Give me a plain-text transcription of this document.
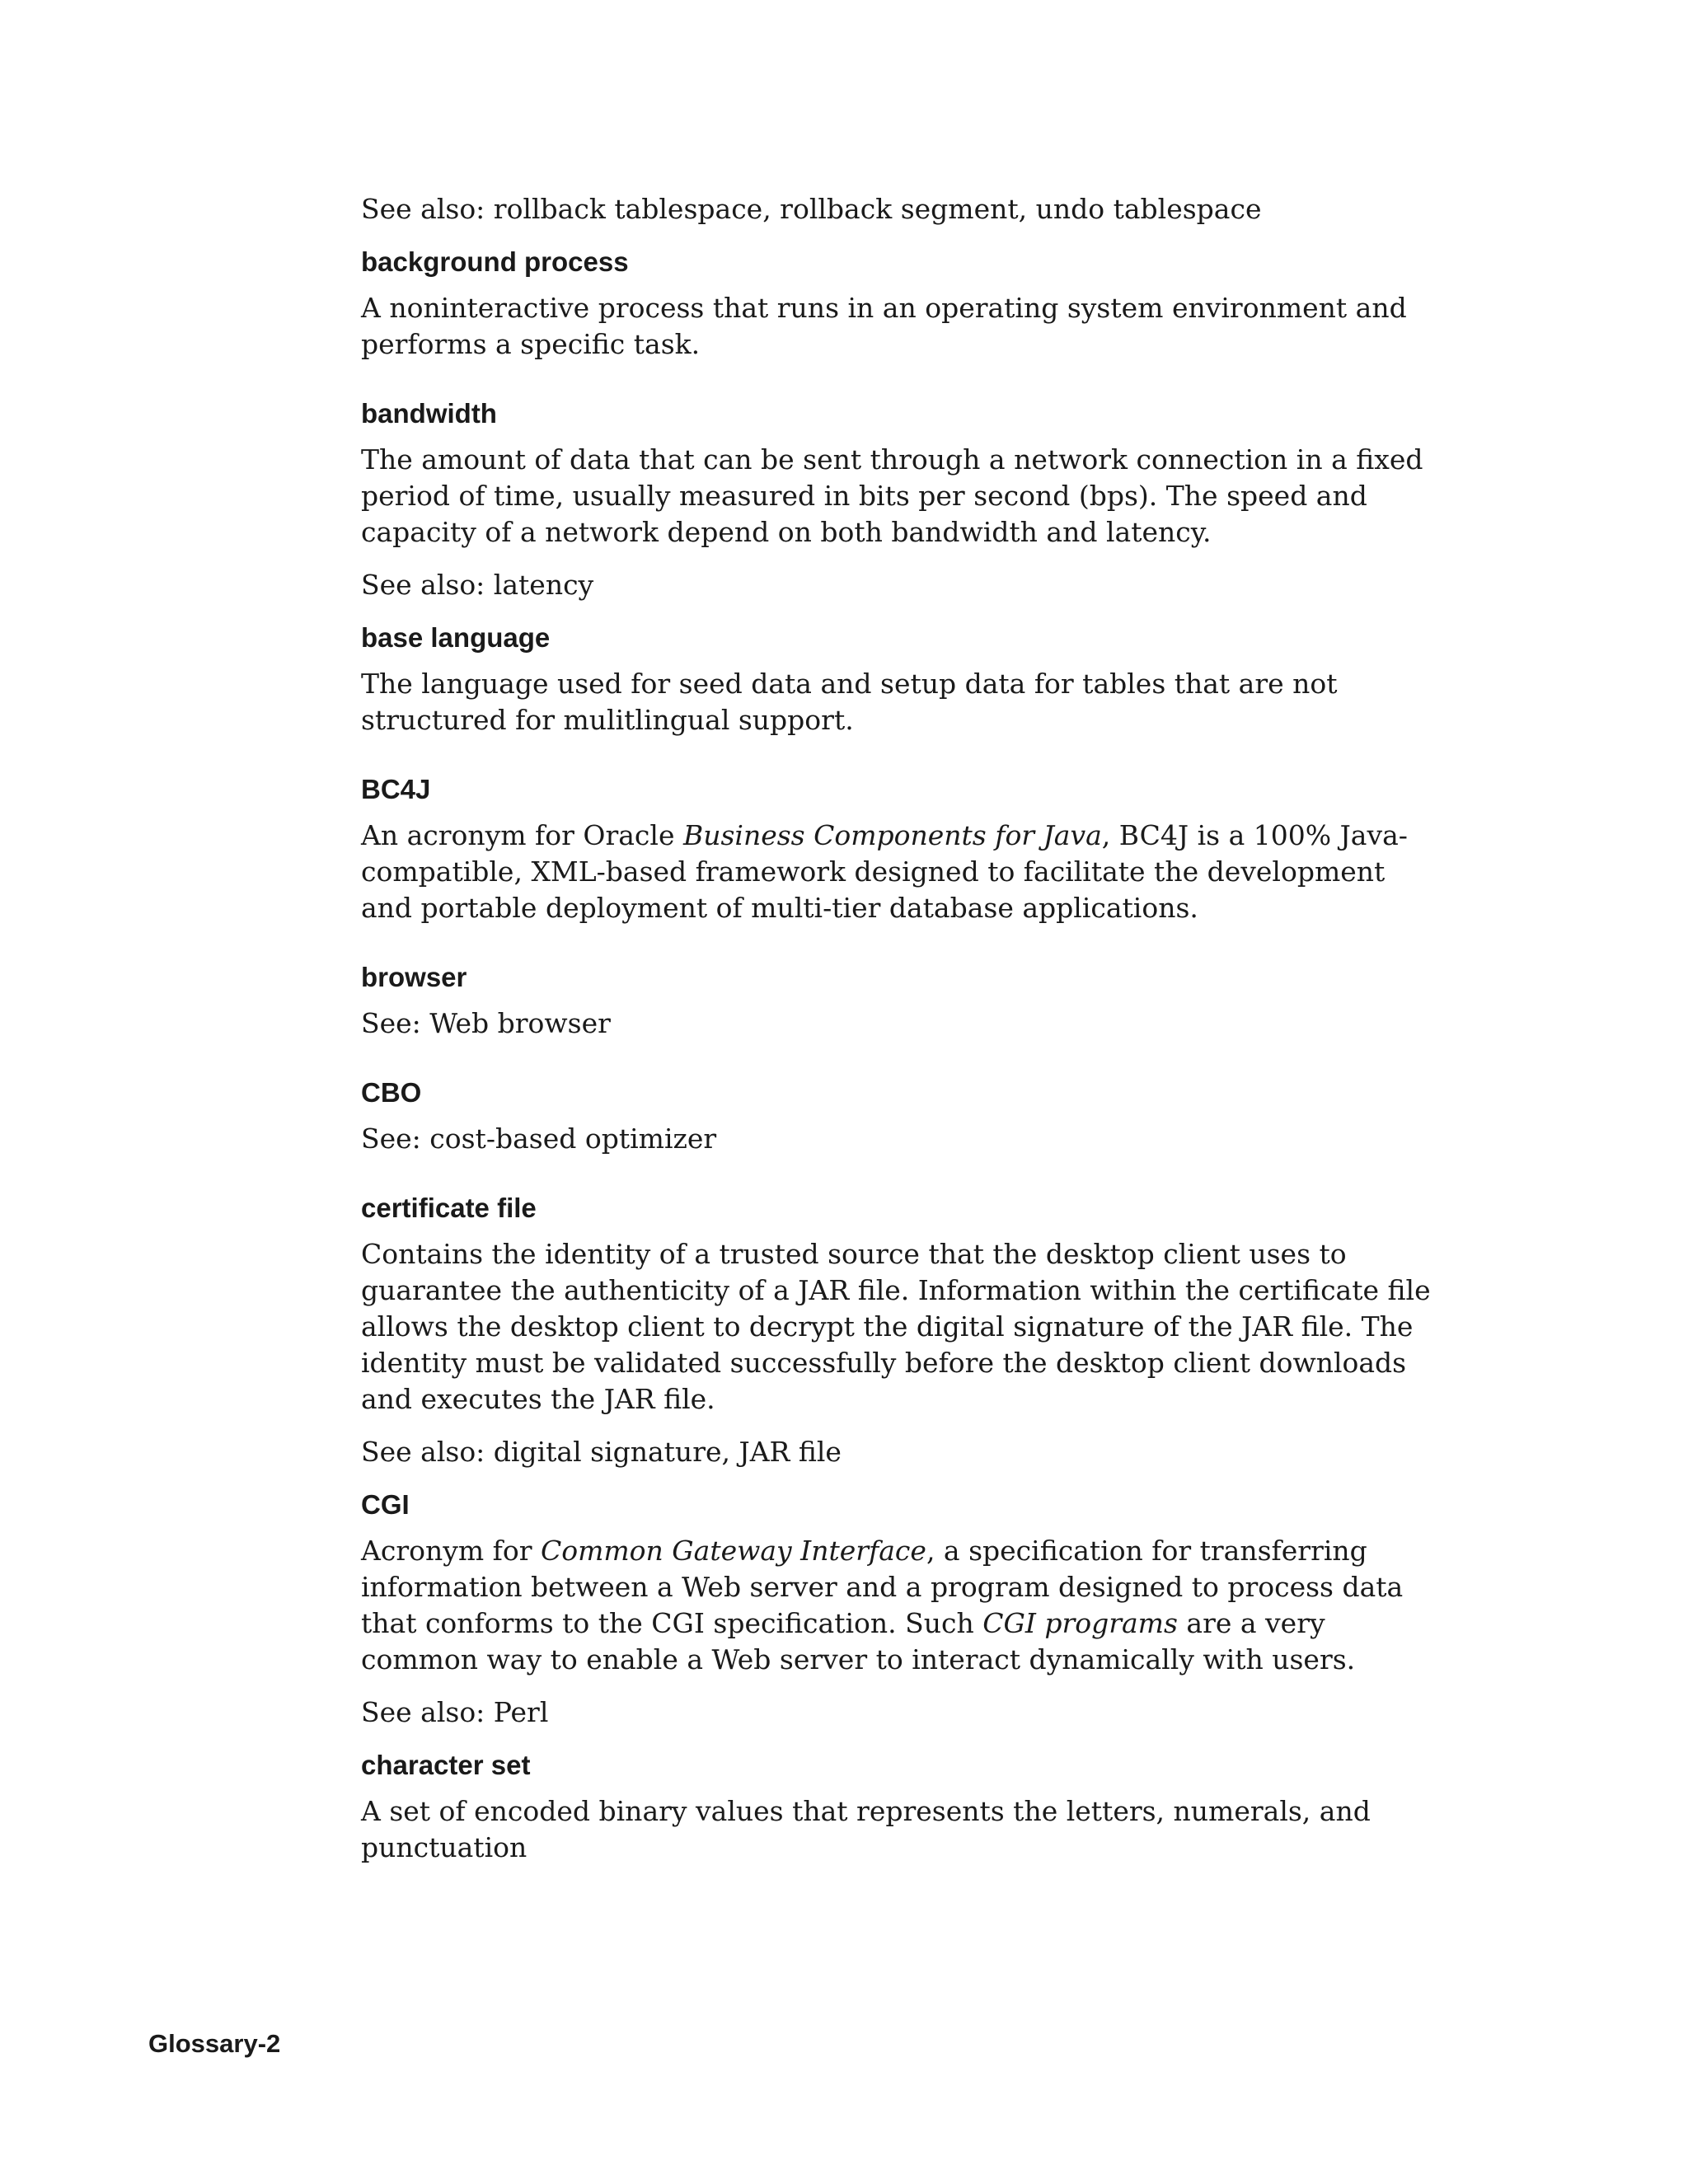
See also: rollback tablespace, rollback segment, undo tablespace

background process

A noninteractive process that runs in an operating system environment and performs a specific task.

bandwidth

The amount of data that can be sent through a network connection in a fixed period of time, usually measured in bits per second (bps). The speed and capacity of a network depend on both bandwidth and latency.

See also: latency

base language

The language used for seed data and setup data for tables that are not structured for mulitlingual support.

BC4J

An acronym for Oracle Business Components for Java, BC4J is a 100% Java-compatible, XML-based framework designed to facilitate the development and portable deployment of multi-tier database applications.

browser

See: Web browser

CBO

See: cost-based optimizer

certificate file

Contains the identity of a trusted source that the desktop client uses to guarantee the authenticity of a JAR file. Information within the certificate file allows the desktop client to decrypt the digital signature of the JAR file. The identity must be validated successfully before the desktop client downloads and executes the JAR file.

See also: digital signature, JAR file

CGI

Acronym for Common Gateway Interface, a specification for transferring information between a Web server and a program designed to process data that conforms to the CGI specification. Such CGI programs are a very common way to enable a Web server to interact dynamically with users.

See also: Perl

character set

A set of encoded binary values that represents the letters, numerals, and punctuation

Glossary-2
